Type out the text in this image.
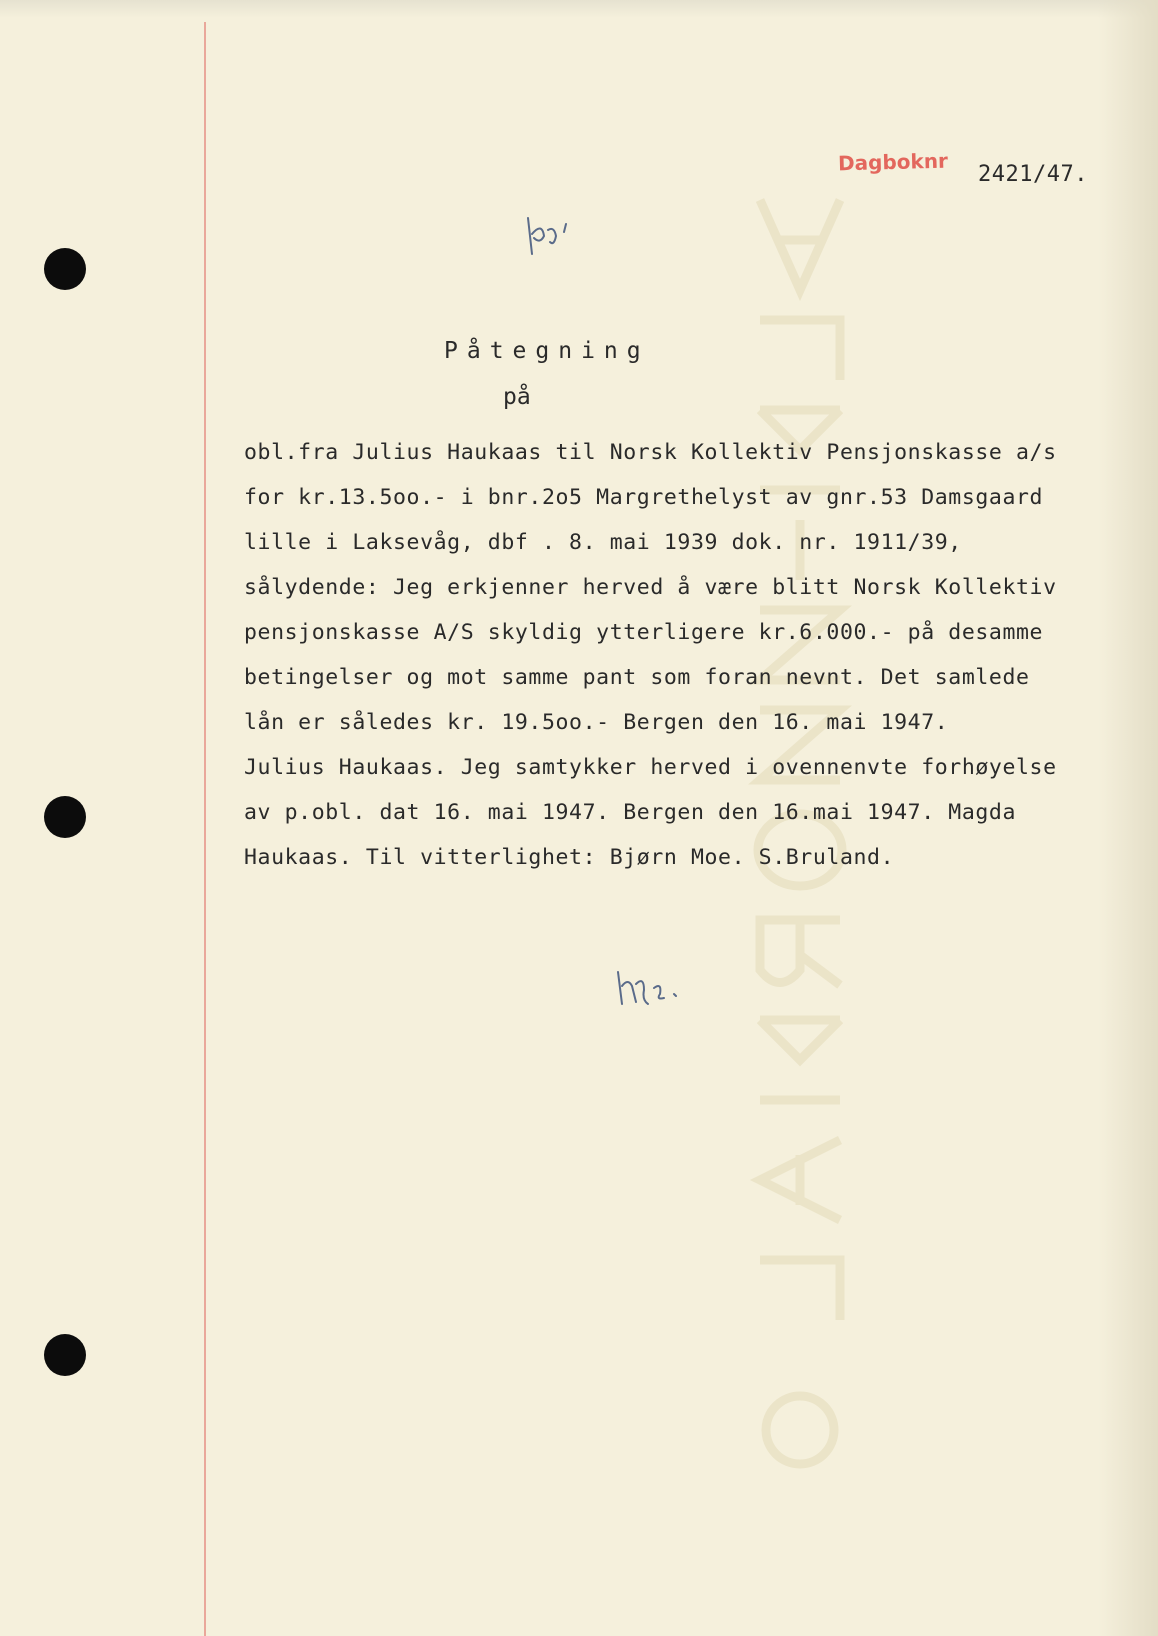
Dagboknr 2421/47.
Påtegning
på
obl.fra Julius Haukaas til Norsk Kollektiv Pensjonskasse a/s
for kr.13.5oo.- i bnr.2o5 Margrethelyst av gnr.53 Damsgaard
lille i Laksevåg, dbf . 8. mai 1939 dok. nr. 1911/39,
sålydende: Jeg erkjenner herved å være blitt Norsk Kollektiv
pensjonskasse A/S skyldig ytterligere kr.6.000.- på desamme
betingelser og mot samme pant som foran nevnt. Det samlede
lån er således kr. 19.5oo.- Bergen den 16. mai 1947.
Julius Haukaas. Jeg samtykker herved i ovennenvte forhøyelse
av p.obl. dat 16. mai 1947. Bergen den 16.mai 1947. Magda
Haukaas. Til vitterlighet: Bjørn Moe. S.Bruland.
